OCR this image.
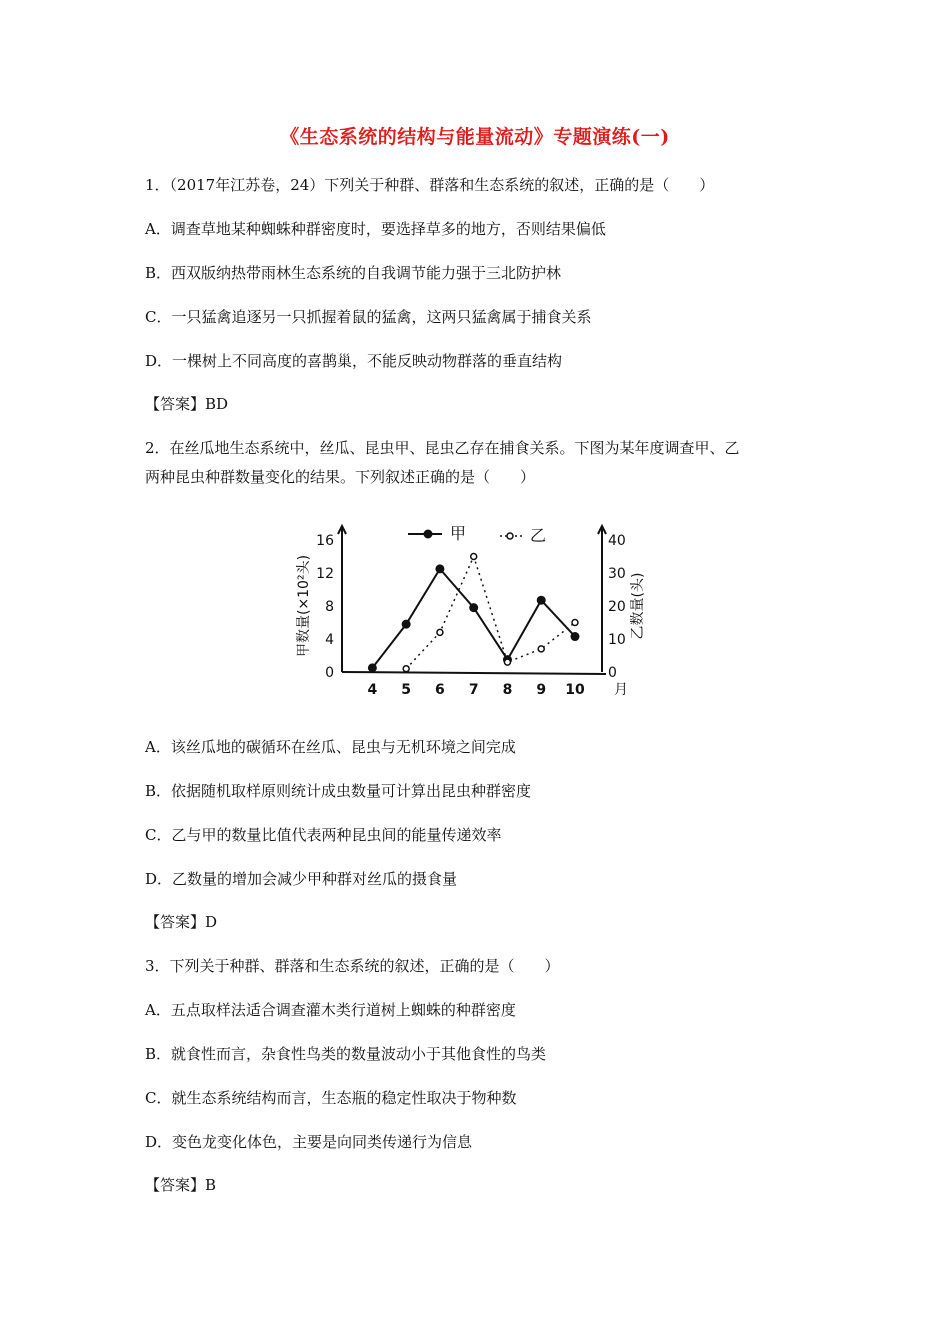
《生态系统的结构与能量流动》专题演练(一)
1．（2017年江苏卷，24）下列关于种群、群落和生态系统的叙述，正确的是（　　）
A．调查草地某种蜘蛛种群密度时，要选择草多的地方，否则结果偏低
B．西双版纳热带雨林生态系统的自我调节能力强于三北防护林
C．一只猛禽追逐另一只抓握着鼠的猛禽，这两只猛禽属于捕食关系
D．一棵树上不同高度的喜鹊巢，不能反映动物群落的垂直结构
【答案】BD
2．在丝瓜地生态系统中，丝瓜、昆虫甲、昆虫乙存在捕食关系。下图为某年度调查甲、乙
两种昆虫种群数量变化的结果。下列叙述正确的是（　　）
0
4
8
12
16
0
10
20
30
40
4 5 6 7 8 9 10 月
甲数量(×10²头)	乙数量(头)
甲	乙
A．该丝瓜地的碳循环在丝瓜、昆虫与无机环境之间完成
B．依据随机取样原则统计成虫数量可计算出昆虫种群密度
C．乙与甲的数量比值代表两种昆虫间的能量传递效率
D．乙数量的增加会减少甲种群对丝瓜的摄食量
【答案】D
3．下列关于种群、群落和生态系统的叙述，正确的是（　　）
A．五点取样法适合调查灌木类行道树上蜘蛛的种群密度
B．就食性而言，杂食性鸟类的数量波动小于其他食性的鸟类
C．就生态系统结构而言，生态瓶的稳定性取决于物种数
D．变色龙变化体色，主要是向同类传递行为信息
【答案】B
